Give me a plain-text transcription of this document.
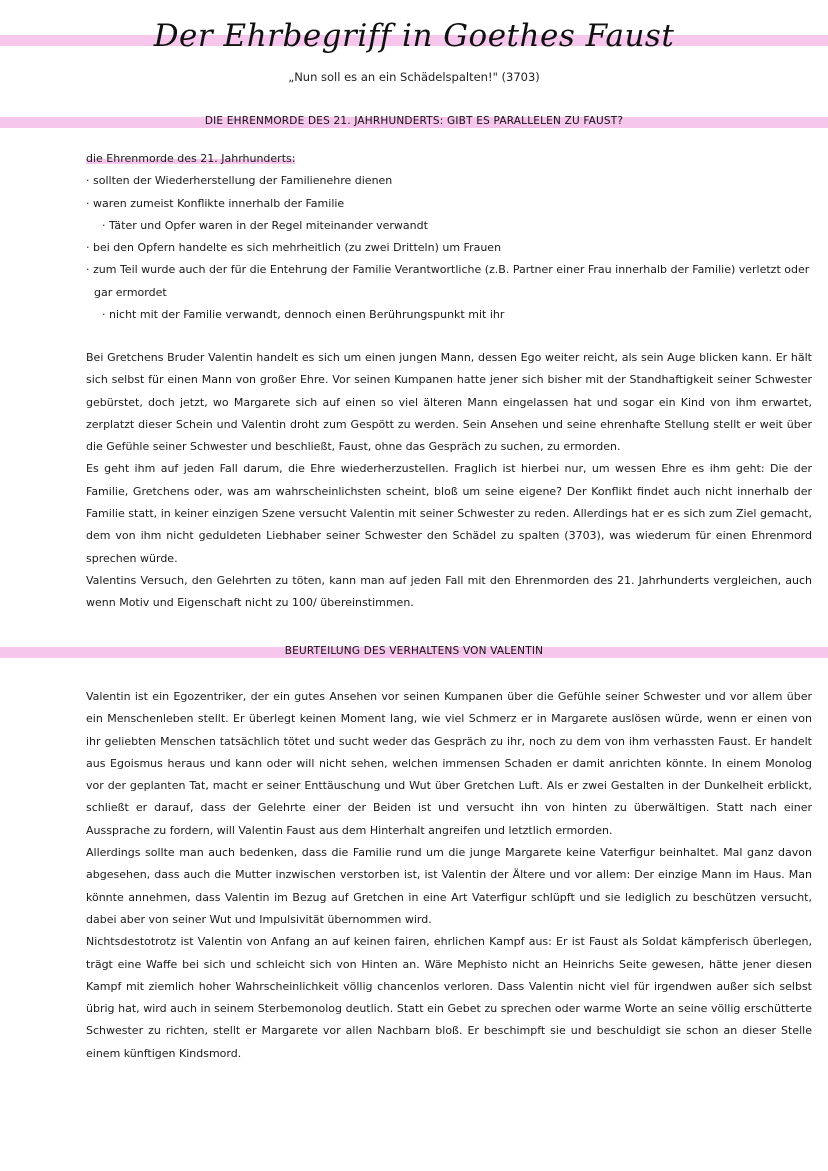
Der Ehrbegriff in Goethes Faust
„Nun soll es an ein Schädelspalten!" (3703)
DIE EHRENMORDE DES 21. JAHRHUNDERTS: GIBT ES PARALLELEN ZU FAUST?

die Ehrenmorde des 21. Jahrhunderts:

· sollten der Wiederherstellung der Familienehre dienen

· waren zumeist Konflikte innerhalb der Familie

· Täter und Opfer waren in der Regel miteinander verwandt

· bei den Opfern handelte es sich mehrheitlich (zu zwei Dritteln) um Frauen

· zum Teil wurde auch der für die Entehrung der Familie Verantwortliche (z.B. Partner einer Frau innerhalb der Familie) verletzt oder gar ermordet

· nicht mit der Familie verwandt, dennoch einen Berührungspunkt mit ihr

Bei Gretchens Bruder Valentin handelt es sich um einen jungen Mann, dessen Ego weiter reicht, als sein Auge blicken kann. Er hält sich selbst für einen Mann von großer Ehre. Vor seinen Kumpanen hatte jener sich bisher mit der Standhaftigkeit seiner Schwester gebürstet, doch jetzt, wo Margarete sich auf einen so viel älteren Mann eingelassen hat und sogar ein Kind von ihm erwartet, zerplatzt dieser Schein und Valentin droht zum Gespött zu werden. Sein Ansehen und seine ehrenhafte Stellung stellt er weit über die Gefühle seiner Schwester und beschließt, Faust, ohne das Gespräch zu suchen, zu ermorden.

Es geht ihm auf jeden Fall darum, die Ehre wiederherzustellen. Fraglich ist hierbei nur, um wessen Ehre es ihm geht: Die der Familie, Gretchens oder, was am wahrscheinlichsten scheint, bloß um seine eigene? Der Konflikt findet auch nicht innerhalb der Familie statt, in keiner einzigen Szene versucht Valentin mit seiner Schwester zu reden. Allerdings hat er es sich zum Ziel gemacht, dem von ihm nicht geduldeten Liebhaber seiner Schwester den Schädel zu spalten (3703), was wiederum für einen Ehrenmord sprechen würde.

Valentins Versuch, den Gelehrten zu töten, kann man auf jeden Fall mit den Ehrenmorden des 21. Jahrhunderts vergleichen, auch wenn Motiv und Eigenschaft nicht zu 100/ übereinstimmen.

BEURTEILUNG DES VERHALTENS VON VALENTIN

Valentin ist ein Egozentriker, der ein gutes Ansehen vor seinen Kumpanen über die Gefühle seiner Schwester und vor allem über ein Menschenleben stellt. Er überlegt keinen Moment lang, wie viel Schmerz er in Margarete auslösen würde, wenn er einen von ihr geliebten Menschen tatsächlich tötet und sucht weder das Gespräch zu ihr, noch zu dem von ihm verhassten Faust. Er handelt aus Egoismus heraus und kann oder will nicht sehen, welchen immensen Schaden er damit anrichten könnte. In einem Monolog vor der geplanten Tat, macht er seiner Enttäuschung und Wut über Gretchen Luft. Als er zwei Gestalten in der Dunkelheit erblickt, schließt er darauf, dass der Gelehrte einer der Beiden ist und versucht ihn von hinten zu überwältigen. Statt nach einer Aussprache zu fordern, will Valentin Faust aus dem Hinterhalt angreifen und letztlich ermorden.

Allerdings sollte man auch bedenken, dass die Familie rund um die junge Margarete keine Vaterfigur beinhaltet. Mal ganz davon abgesehen, dass auch die Mutter inzwischen verstorben ist, ist Valentin der Ältere und vor allem: Der einzige Mann im Haus. Man könnte annehmen, dass Valentin im Bezug auf Gretchen in eine Art Vaterfigur schlüpft und sie lediglich zu beschützen versucht, dabei aber von seiner Wut und Impulsivität übernommen wird.

Nichtsdestotrotz ist Valentin von Anfang an auf keinen fairen, ehrlichen Kampf aus: Er ist Faust als Soldat kämpferisch überlegen, trägt eine Waffe bei sich und schleicht sich von Hinten an. Wäre Mephisto nicht an Heinrichs Seite gewesen, hätte jener diesen Kampf mit ziemlich hoher Wahrscheinlichkeit völlig chancenlos verloren. Dass Valentin nicht viel für irgendwen außer sich selbst übrig hat, wird auch in seinem Sterbemonolog deutlich. Statt ein Gebet zu sprechen oder warme Worte an seine völlig erschütterte Schwester zu richten, stellt er Margarete vor allen Nachbarn bloß. Er beschimpft sie und beschuldigt sie schon an dieser Stelle einem künftigen Kindsmord.
